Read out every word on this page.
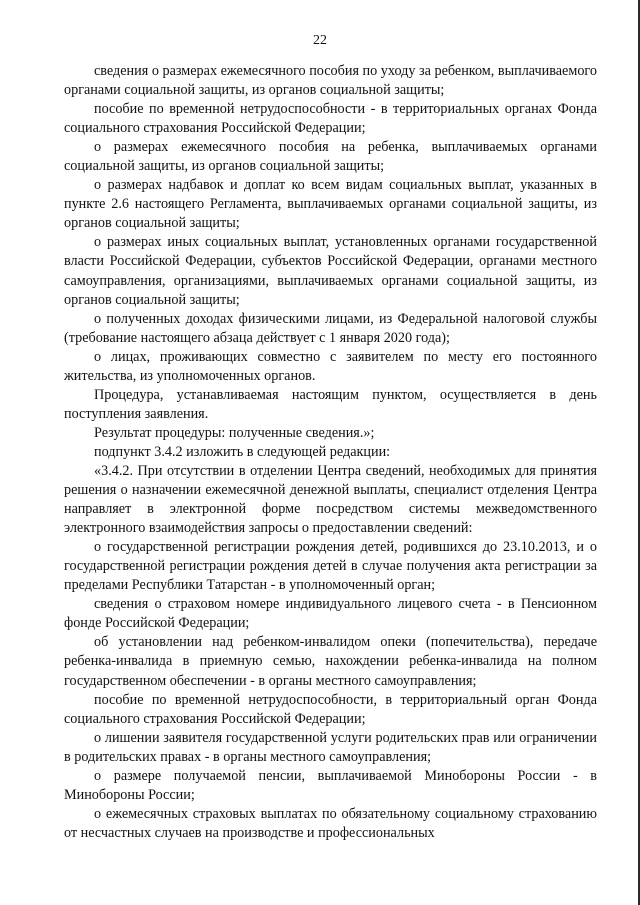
22

сведения о размерах ежемесячного пособия по уходу за ребенком, выплачиваемого органами социальной защиты, из органов социальной защиты;

пособие по временной нетрудоспособности - в территориальных органах Фонда социального страхования Российской Федерации;

о размерах ежемесячного пособия на ребенка, выплачиваемых органами социальной защиты, из органов социальной защиты;

о размерах надбавок и доплат ко всем видам социальных выплат, указанных в пункте 2.6 настоящего Регламента, выплачиваемых органами социальной защиты, из органов социальной защиты;

о размерах иных социальных выплат, установленных органами государственной власти Российской Федерации, субъектов Российской Федерации, органами местного самоуправления, организациями, выплачиваемых органами социальной защиты, из органов социальной защиты;

о полученных доходах физическими лицами, из Федеральной налоговой службы (требование настоящего абзаца действует с 1 января 2020 года);

о лицах, проживающих совместно с заявителем по месту его постоянного жительства, из уполномоченных органов.

Процедура, устанавливаемая настоящим пунктом, осуществляется в день поступления заявления.

Результат процедуры: полученные сведения.»;

подпункт 3.4.2 изложить в следующей редакции:

«3.4.2. При отсутствии в отделении Центра сведений, необходимых для принятия решения о назначении ежемесячной денежной выплаты, специалист отделения Центра направляет в электронной форме посредством системы межведомственного электронного взаимодействия запросы о предоставлении сведений:

о государственной регистрации рождения детей, родившихся до 23.10.2013, и о государственной регистрации рождения детей в случае получения акта регистрации за пределами Республики Татарстан - в уполномоченный орган;

сведения о страховом номере индивидуального лицевого счета - в Пенсионном фонде Российской Федерации;

об установлении над ребенком-инвалидом опеки (попечительства), передаче ребенка-инвалида в приемную семью, нахождении ребенка-инвалида на полном государственном обеспечении - в органы местного самоуправления;

пособие по временной нетрудоспособности, в территориальный орган Фонда социального страхования Российской Федерации;

о лишении заявителя государственной услуги родительских прав или ограничении в родительских правах - в органы местного самоуправления;

о размере получаемой пенсии, выплачиваемой Минобороны России - в Минобороны России;

о ежемесячных страховых выплатах по обязательному социальному страхованию от несчастных случаев на производстве и профессиональных
